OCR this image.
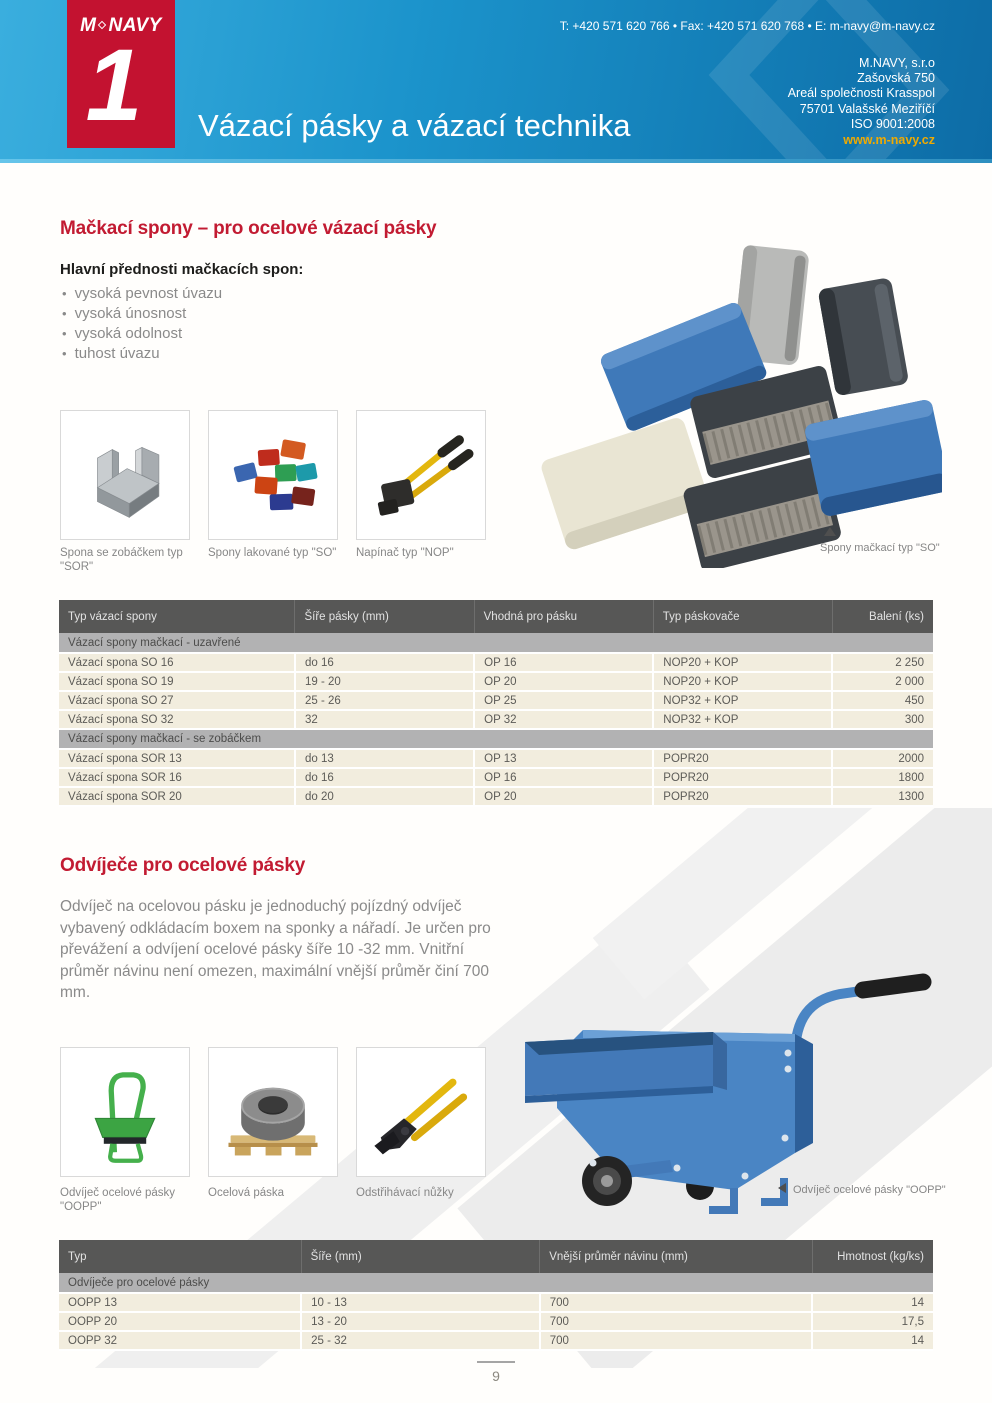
T: +420 571 620 766 • Fax: +420 571 620 768 • E: m-navy@m-navy.cz
M.NAVY, s.r.o
Zašovská 750
Areál společnosti Krasspol
75701 Valašské Meziříčí
ISO 9001:2008
www.m-navy.cz
M NAVY
1	Vázací pásky a vázací technika
Mačkací spony – pro ocelové vázací pásky
Hlavní přednosti mačkacích spon:
• vysoká pevnost úvazu
• vysoká únosnost
• vysoká odolnost
• tuhost úvazu
Spona se zobáčkem typ "SOR"
Spony lakované typ "SO"	Napínač typ "NOP"	Spony mačkací typ "SO"
Typ vázací spony	Šíře pásky (mm)	Vhodná pro pásku	Typ páskovače	Balení (ks)
Vázací spony mačkací - uzavřené				
Vázací spona SO 16	do 16	OP 16	NOP20 + KOP	2 250
Vázací spona SO 19	19 - 20	OP 20	NOP20 + KOP	2 000
Vázací spona SO 27	25 - 26	OP 25	NOP32 + KOP	450
Vázací spona SO 32	32	OP 32	NOP32 + KOP	300
Vázací spony mačkací - se zobáčkem				
Vázací spona SOR 13	do 13	OP 13	POPR20	2000
Vázací spona SOR 16	do 16	OP 16	POPR20	1800
Vázací spona SOR 20	do 20	OP 20	POPR20	1300
Odvíječe pro ocelové pásky
Odvíječ na ocelovou pásku je jednoduchý pojízdný odvíječ vybavený odkládacím boxem na sponky a nářadí. Je určen pro převážení a odvíjení ocelové pásky šíře 10 -32 mm. Vnitřní průměr návinu není omezen, maximální vnější průměr činí 700 mm.
Odvíječ ocelové pásky "OOPP"
Ocelová páska	Odstřihávací nůžky	Odvíječ ocelové pásky "OOPP"
Typ	Šíře (mm)	Vnější průměr návinu (mm)	Hmotnost (kg/ks)
Odvíječe pro ocelové pásky			
OOPP 13	10 - 13	700	14
OOPP 20	13 - 20	700	17,5
OOPP 32	25 - 32	700	14
9
